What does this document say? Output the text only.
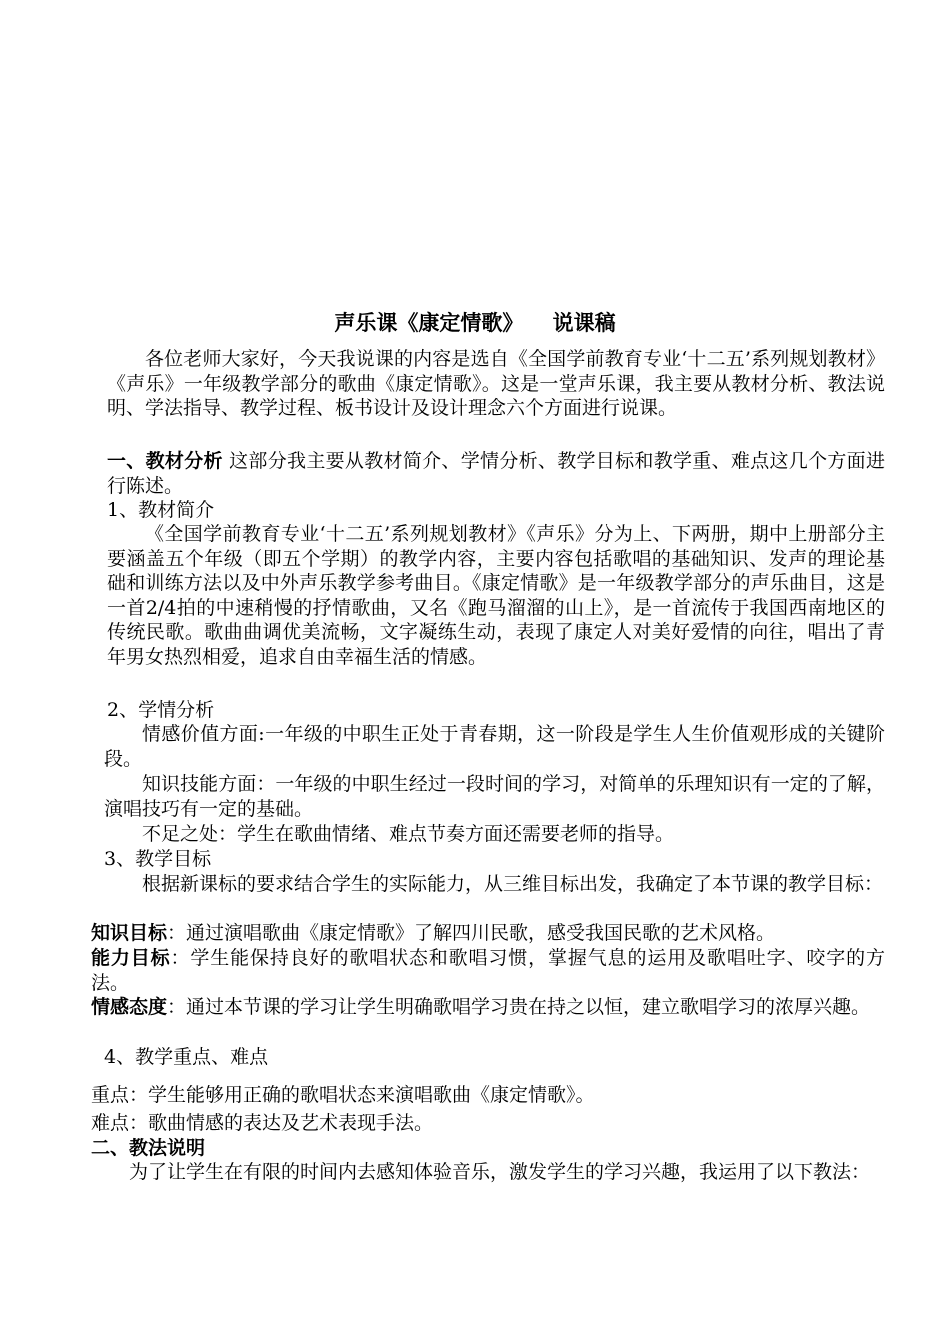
声乐课《康定情歌》    说课稿
各位老师大家好，今天我说课的内容是选自《全国学前教育专业‘十二五’系列规划教材》《声乐》一年级教学部分的歌曲《康定情歌》。这是一堂声乐课，我主要从教材分析、教法说明、学法指导、教学过程、板书设计及设计理念六个方面进行说课。
一、教材分析 这部分我主要从教材简介、学情分析、教学目标和教学重、难点这几个方面进行陈述。
1、教材简介
《全国学前教育专业‘十二五’系列规划教材》《声乐》分为上、下两册，期中上册部分主要涵盖五个年级（即五个学期）的教学内容，主要内容包括歌唱的基础知识、发声的理论基础和训练方法以及中外声乐教学参考曲目。《康定情歌》是一年级教学部分的声乐曲目，这是一首2/4拍的中速稍慢的抒情歌曲，又名《跑马溜溜的山上》，是一首流传于我国西南地区的传统民歌。歌曲曲调优美流畅，文字凝练生动，表现了康定人对美好爱情的向往，唱出了青年男女热烈相爱，追求自由幸福生活的情感。
2、学情分析
情感价值方面:一年级的中职生正处于青春期，这一阶段是学生人生价值观形成的关键阶段。
知识技能方面：一年级的中职生经过一段时间的学习，对简单的乐理知识有一定的了解，演唱技巧有一定的基础。
不足之处：学生在歌曲情绪、难点节奏方面还需要老师的指导。
3、教学目标
根据新课标的要求结合学生的实际能力，从三维目标出发，我确定了本节课的教学目标：
知识目标：通过演唱歌曲《康定情歌》了解四川民歌，感受我国民歌的艺术风格。
能力目标：学生能保持良好的歌唱状态和歌唱习惯，掌握气息的运用及歌唱吐字、咬字的方法。
情感态度：通过本节课的学习让学生明确歌唱学习贵在持之以恒，建立歌唱学习的浓厚兴趣。
4、教学重点、难点
重点：学生能够用正确的歌唱状态来演唱歌曲《康定情歌》。
难点：歌曲情感的表达及艺术表现手法。
二、教法说明
为了让学生在有限的时间内去感知体验音乐，激发学生的学习兴趣，我运用了以下教法：
